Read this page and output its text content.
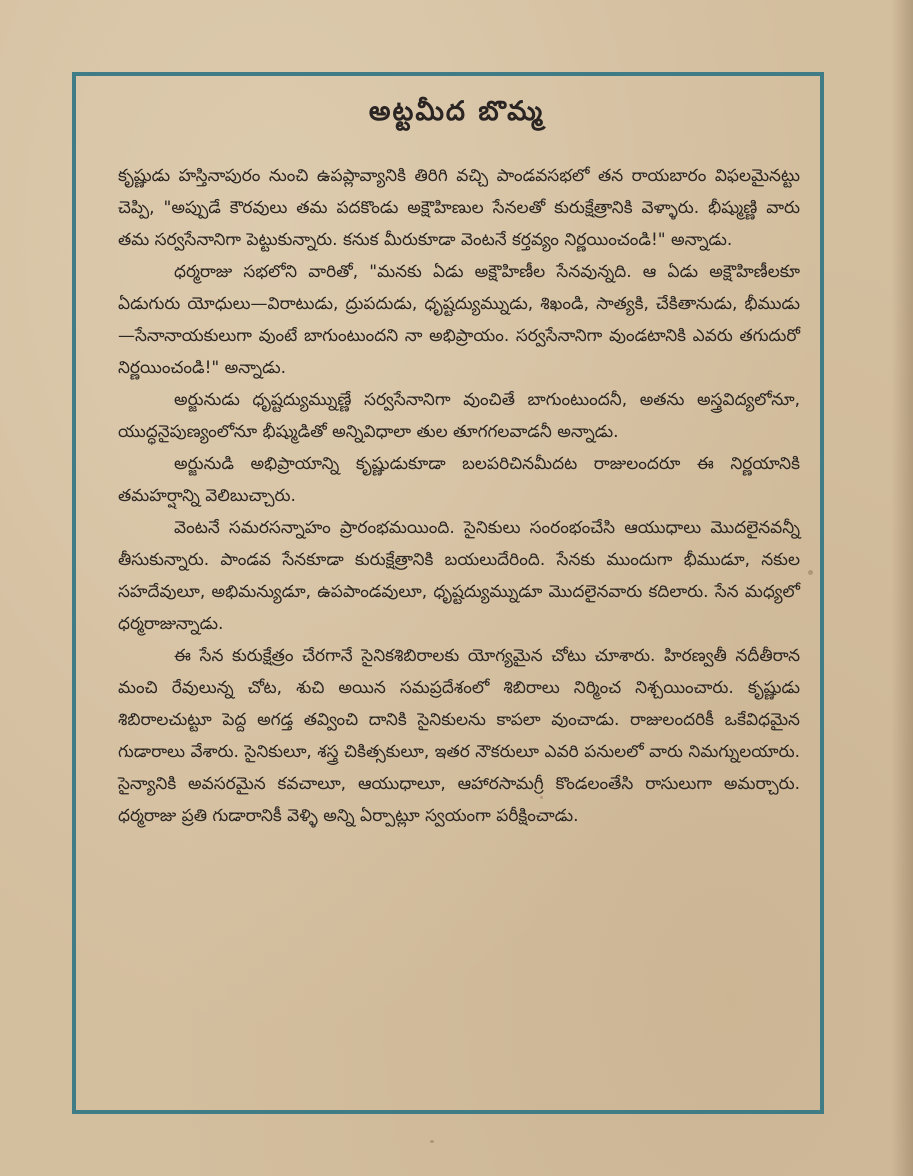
అట్టమీద బొమ్మ

కృష్ణుడు హస్తినాపురం నుంచి ఉపప్లావ్యానికి తిరిగి వచ్చి పాండవసభలో తన రాయబారం విఫలమైనట్టు చెప్పి, "అప్పుడే కౌరవులు తమ పదకొండు అక్షౌహిణుల సేనలతో కురుక్షేత్రానికి వెళ్ళారు. భీష్ముణ్ణి వారు తమ సర్వసేనానిగా పెట్టుకున్నారు. కనుక మీరుకూడా వెంటనే కర్తవ్యం నిర్ణయించండి!" అన్నాడు.

ధర్మరాజు సభలోని వారితో, "మనకు ఏడు అక్షౌహిణీల సేనవున్నది. ఆ ఏడు అక్షౌహిణీలకూ ఏడుగురు యోధులు—విరాటుడు, ద్రుపదుడు, ధృష్టద్యుమ్నుడు, శిఖండి, సాత్యకి, చేకితానుడు, భీముడు—సేనానాయకులుగా వుంటే బాగుంటుందని నా అభిప్రాయం. సర్వసేనానిగా వుండటానికి ఎవరు తగుదురో నిర్ణయించండి!" అన్నాడు.

అర్జునుడు ధృష్టద్యుమ్నుణ్ణే సర్వసేనానిగా వుంచితే బాగుంటుందనీ, అతను అస్త్రవిద్యలోనూ, యుద్ధనైపుణ్యంలోనూ భీష్ముడితో అన్నివిధాలా తుల తూగగలవాడనీ అన్నాడు.

అర్జునుడి అభిప్రాయాన్ని కృష్ణుడుకూడా బలపరిచినమీదట రాజులందరూ ఈ నిర్ణయానికి తమహర్షాన్ని వెలిబుచ్చారు.

వెంటనే సమరసన్నాహం ప్రారంభమయింది. సైనికులు సంరంభంచేసి ఆయుధాలు మొదలైనవన్నీ తీసుకున్నారు. పాండవ సేనకూడా కురుక్షేత్రానికి బయలుదేరింది. సేనకు ముందుగా భీముడూ, నకుల సహదేవులూ, అభిమన్యుడూ, ఉపపాండవులూ, ధృష్టద్యుమ్నుడూ మొదలైనవారు కదిలారు. సేన మధ్యలో ధర్మరాజున్నాడు.

ఈ సేన కురుక్షేత్రం చేరగానే సైనికశిబిరాలకు యోగ్యమైన చోటు చూశారు. హిరణ్వతీ నదీతీరాన మంచి రేవులున్న చోట, శుచి అయిన సమప్రదేశంలో శిబిరాలు నిర్మించ నిశ్చయించారు. కృష్ణుడు శిబిరాలచుట్టూ పెద్ద అగడ్త తవ్వించి దానికి సైనికులను కాపలా వుంచాడు. రాజులందరికీ ఒకేవిధమైన గుడారాలు వేశారు. సైనికులూ, శస్త్ర చికిత్సకులూ, ఇతర నౌకరులూ ఎవరి పనులలో వారు నిమగ్నులయారు. సైన్యానికి అవసరమైన కవచాలూ, ఆయుధాలూ, ఆహారసామగ్రీ కొండలంతేసి రాసులుగా అమర్చారు. ధర్మరాజు ప్రతి గుడారానికీ వెళ్ళి అన్ని ఏర్పాట్లూ స్వయంగా పరీక్షించాడు.
